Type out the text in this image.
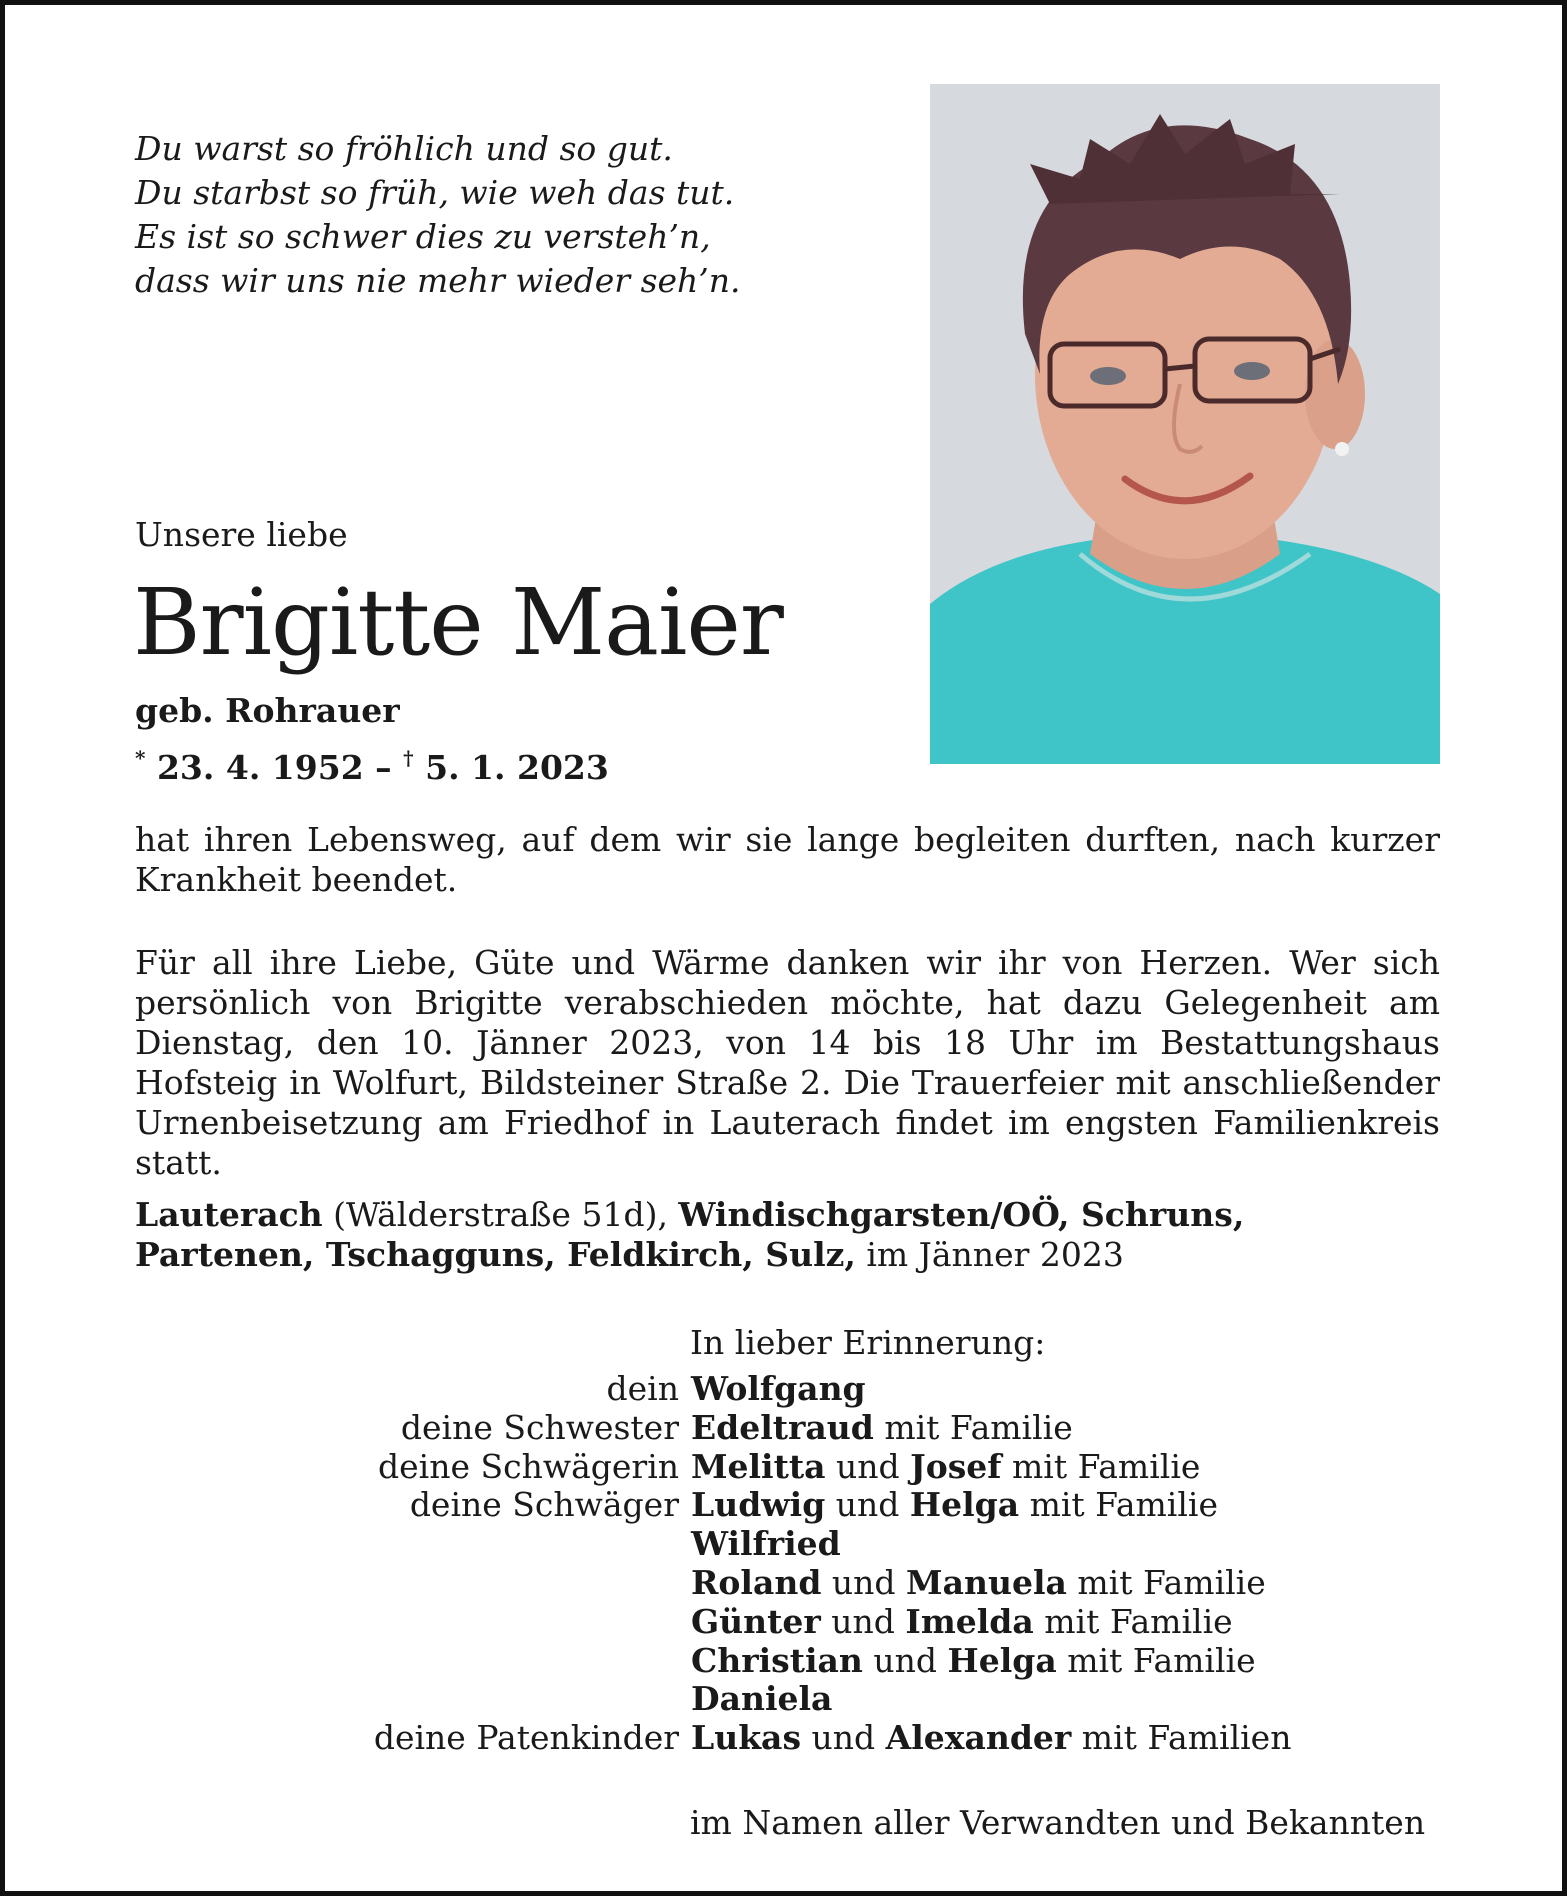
Du warst so fröhlich und so gut.
Du starbst so früh, wie weh das tut.
Es ist so schwer dies zu versteh’n,
dass wir uns nie mehr wieder seh’n.
Unsere liebe
Brigitte Maier
geb. Rohrauer
* 23. 4. 1952 – † 5. 1. 2023
hat ihren Lebensweg, auf dem wir sie lange begleiten durften, nach kurzer Krankheit beendet.
Für all ihre Liebe, Güte und Wärme danken wir ihr von Herzen. Wer sich persönlich von Brigitte verabschieden möchte, hat dazu Gelegenheit am Dienstag, den 10. Jänner 2023, von 14 bis 18 Uhr im Bestattungshaus Hofsteig in Wolfurt, Bildsteiner Straße 2. Die Trauerfeier mit anschließender Urnenbeisetzung am Friedhof in Lauterach findet im engsten Familienkreis statt.
Lauterach (Wälderstraße 51d), Windischgarsten/OÖ, Schruns,
Partenen, Tschagguns, Feldkirch, Sulz, im Jänner 2023
In lieber Erinnerung:
dein Wolfgang
deine Schwester Edeltraud mit Familie
deine Schwägerin Melitta und Josef mit Familie
deine Schwäger Ludwig und Helga mit Familie
Wilfried
Roland und Manuela mit Familie
Günter und Imelda mit Familie
Christian und Helga mit Familie
Daniela
deine Patenkinder Lukas und Alexander mit Familien
im Namen aller Verwandten und Bekannten
